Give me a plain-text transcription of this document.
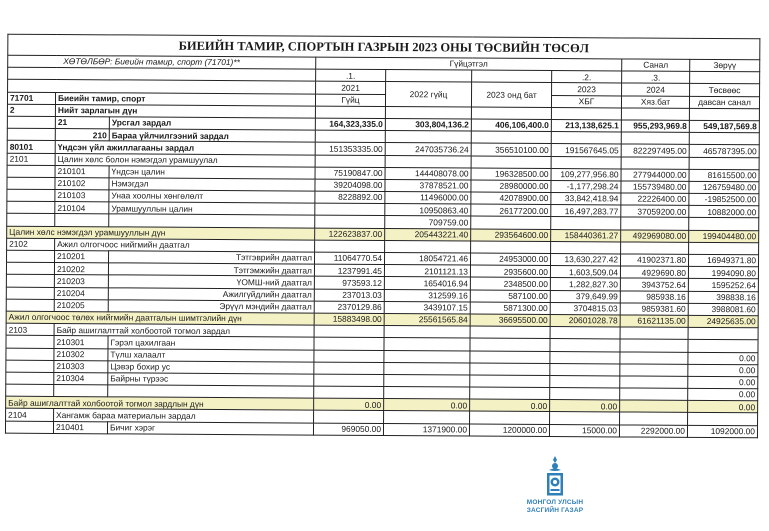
БИЕИЙН ТАМИР, СПОРТЫН ГАЗРЫН 2023 ОНЫ ТӨСВИЙН ТӨСӨЛ								
ХӨТӨЛБӨР: Биеийн тамир, спорт (71701)**			Гүйцэтгэл				Санал	Зөрүү
			.1.			.2.	.3.	
			2021	2022 гүйц	2023 онд бат	2023	2024	Төсвөөс
71701	Биеийн тамир, спорт		Гүйц			ХБГ	Хяз.бат	давсан санал
2	Нийт зарлагын дүн							
	21	Урсгал зардал	164,323,335.0	303,804,136.2	406,106,400.0	213,138,625.1	955,293,969.8	549,187,569.8
	210	Бараа үйлчилгээний зардал						
80101	Үндсэн үйл ажиллагааны зардал		151353335.00	247035736.24	356510100.00	191567645.05	822297495.00	465787395.00
2101	Цалин хөлс болон нэмэгдэл урамшуулал							
	210101	Үндсэн цалин	75190847.00	144408078.00	196328500.00	109,277,956.80	277944000.00	81615500.00
	210102	Нэмэгдэл	39204098.00	37878521.00	28980000.00	-1,177,298.24	155739480.00	126759480.00
	210103	Унаа хоолны хөнгөлөлт	8228892.00	11496000.00	42078900.00	33,842,418.94	22226400.00	-19852500.00
	210104	Урамшууллын цалин		10950863.40	26177200.00	16,497,283.77	37059200.00	10882000.00
				709759.00				
Цалин хөлс нэмэгдэл урамшууллын дүн			122623837.00	205443221.40	293564600.00	158440361.27	492969080.00	199404480.00
2102	Ажил олгогчоос нийгмийн даатгал							
	210201	Тэтгэврийн даатгал	11064770.54	18054721.46	24953000.00	13,630,227.42	41902371.80	16949371.80
	210202	Тэтгэмжийн даатгал	1237991.45	2101121.13	2935600.00	1,603,509.04	4929690.80	1994090.80
	210203	ҮОМШ-ний даатгал	973593.12	1654016.94	2348500.00	1,282,827.30	3943752.64	1595252.64
	210204	Ажилгүйдлийн даатгал	237013.03	312599.16	587100.00	379,649.99	985938.16	398838.16
	210205	Эрүүл мэндийн даатгал	2370129.86	3439107.15	5871300.00	3704815.03	9859381.60	3988081.60
Ажил олгогчоос төлөх нийгмийн даатгалын шимтгэлийн дүн			15883498.00	25561565.84	36695500.00	20601028.78	61621135.00	24925635.00
2103	Байр ашиглалттай холбоотой тогмол зардал							
	210301	Гэрэл цахилгаан						
	210302	Түлш халаалт						0.00
	210303	Цэвэр бохир ус						0.00
	210304	Байрны түрээс						0.00
								0.00
Байр ашиглалттай холбоотой тогмол зардлын дүн			0.00	0.00	0.00	0.00		0.00
2104	Хангамж бараа материалын зардал							
	210401	Бичиг хэрэг	969050.00	1371900.00	1200000.00	15000.00	2292000.00	1092000.00
МОНГОЛ УЛСЫН
ЗАСГИЙН ГАЗАР
